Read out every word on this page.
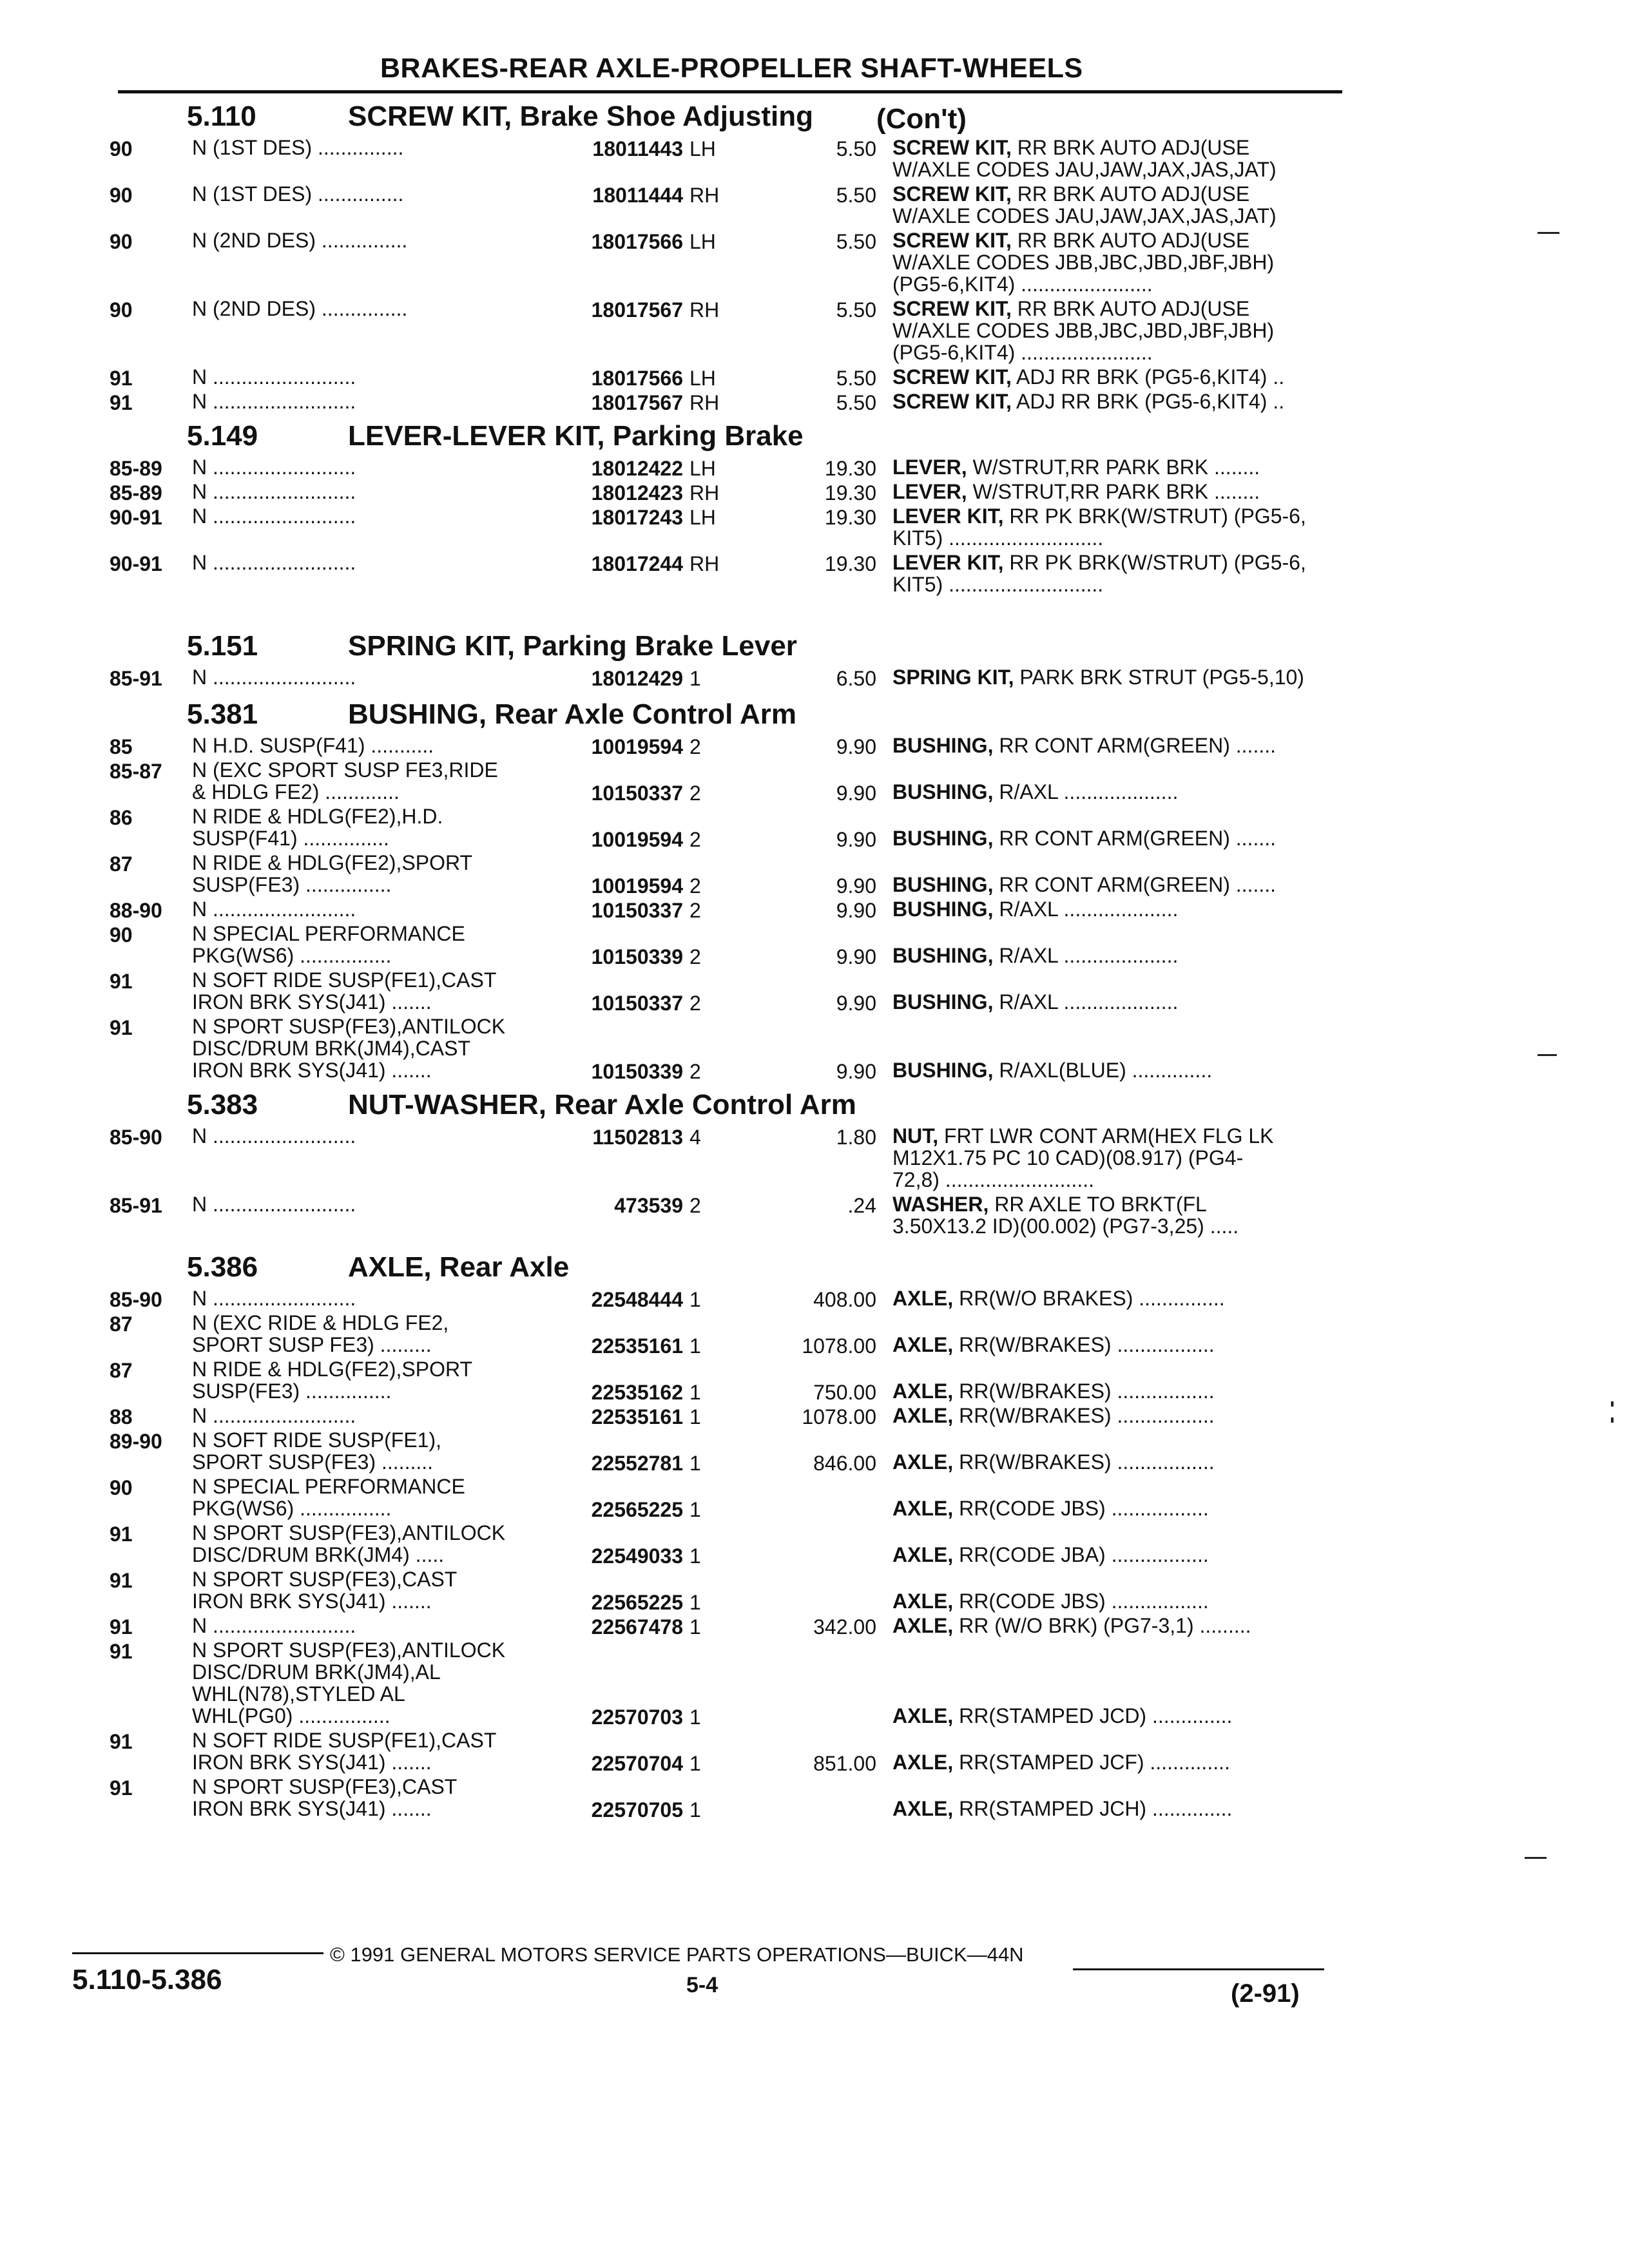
BRAKES-REAR AXLE-PROPELLER SHAFT-WHEELS
5.110	SCREW KIT, Brake Shoe Adjusting (Con't)
90	N (1ST DES) ...............	18011443 LH	5.50 SCREW KIT, RR BRK AUTO ADJ(USE
W/AXLE CODES JAU,JAW,JAX,JAS,JAT)
90	N (1ST DES) ...............	18011444 RH	5.50 SCREW KIT, RR BRK AUTO ADJ(USE
W/AXLE CODES JAU,JAW,JAX,JAS,JAT)
90	N (2ND DES) ...............	18017566 LH	5.50 SCREW KIT, RR BRK AUTO ADJ(USE
W/AXLE CODES JBB,JBC,JBD,JBF,JBH)
(PG5-6,KIT4) .......................
90	N (2ND DES) ...............	18017567 RH	5.50 SCREW KIT, RR BRK AUTO ADJ(USE
W/AXLE CODES JBB,JBC,JBD,JBF,JBH)
(PG5-6,KIT4) .......................
91	N .........................	18017566 LH	5.50 SCREW KIT, ADJ RR BRK (PG5-6,KIT4) ..
91	N .........................	18017567 RH	5.50 SCREW KIT, ADJ RR BRK (PG5-6,KIT4) ..
5.149	LEVER-LEVER KIT, Parking Brake
85-89	N .........................	18012422 LH	19.30 LEVER, W/STRUT,RR PARK BRK ........
85-89	N .........................	18012423 RH	19.30 LEVER, W/STRUT,RR PARK BRK ........
90-91	N .........................	18017243 LH	19.30 LEVER KIT, RR PK BRK(W/STRUT) (PG5-6,
KIT5) ...........................
90-91	N .........................	18017244 RH	19.30 LEVER KIT, RR PK BRK(W/STRUT) (PG5-6,
KIT5) ...........................
5.151	SPRING KIT, Parking Brake Lever
85-91	N .........................	18012429 1	6.50 SPRING KIT, PARK BRK STRUT (PG5-5,10)
5.381	BUSHING, Rear Axle Control Arm
85	N H.D. SUSP(F41) ...........	10019594 2	9.90 BUSHING, RR CONT ARM(GREEN) .......
85-87	N (EXC SPORT SUSP FE3,RIDE
& HDLG FE2) .............	10150337 2	9.90 BUSHING, R/AXL ....................
86	N RIDE & HDLG(FE2),H.D.
SUSP(F41) ...............	10019594 2	9.90 BUSHING, RR CONT ARM(GREEN) .......
87	N RIDE & HDLG(FE2),SPORT
SUSP(FE3) ...............	10019594 2	9.90 BUSHING, RR CONT ARM(GREEN) .......
88-90	N .........................	10150337 2	9.90 BUSHING, R/AXL ....................
90	N SPECIAL PERFORMANCE
PKG(WS6) ................	10150339 2	9.90 BUSHING, R/AXL ....................
91	N SOFT RIDE SUSP(FE1),CAST
IRON BRK SYS(J41) .......	10150337 2	9.90 BUSHING, R/AXL ....................
91	N SPORT SUSP(FE3),ANTILOCK
DISC/DRUM BRK(JM4),CAST
IRON BRK SYS(J41) .......	10150339 2	9.90 BUSHING, R/AXL(BLUE) ..............
5.383	NUT-WASHER, Rear Axle Control Arm
85-90	N .........................	11502813 4	1.80 NUT, FRT LWR CONT ARM(HEX FLG LK
M12X1.75 PC 10 CAD)(08.917) (PG4-
72,8) ..........................
85-91	N .........................	473539 2	.24 WASHER, RR AXLE TO BRKT(FL
3.50X13.2 ID)(00.002) (PG7-3,25) .....
5.386	AXLE, Rear Axle
85-90	N .........................	22548444 1	408.00 AXLE, RR(W/O BRAKES) ...............
87	N (EXC RIDE & HDLG FE2,
SPORT SUSP FE3) .........	22535161 1	1078.00 AXLE, RR(W/BRAKES) .................
87	N RIDE & HDLG(FE2),SPORT
SUSP(FE3) ...............	22535162 1	750.00 AXLE, RR(W/BRAKES) .................
88	N .........................	22535161 1	1078.00 AXLE, RR(W/BRAKES) .................
89-90	N SOFT RIDE SUSP(FE1),
SPORT SUSP(FE3) .........	22552781 1	846.00 AXLE, RR(W/BRAKES) .................
90	N SPECIAL PERFORMANCE
PKG(WS6) ................	22565225 1	AXLE, RR(CODE JBS) .................
91	N SPORT SUSP(FE3),ANTILOCK
DISC/DRUM BRK(JM4) .....	22549033 1	AXLE, RR(CODE JBA) .................
91	N SPORT SUSP(FE3),CAST
IRON BRK SYS(J41) .......	22565225 1	AXLE, RR(CODE JBS) .................
91	N .........................	22567478 1	342.00 AXLE, RR (W/O BRK) (PG7-3,1) .........
91	N SPORT SUSP(FE3),ANTILOCK
DISC/DRUM BRK(JM4),AL
WHL(N78),STYLED AL
WHL(PG0) ................	22570703 1	AXLE, RR(STAMPED JCD) ..............
91	N SOFT RIDE SUSP(FE1),CAST
IRON BRK SYS(J41) .......	22570704 1	851.00 AXLE, RR(STAMPED JCF) ..............
91	N SPORT SUSP(FE3),CAST
IRON BRK SYS(J41) .......	22570705 1	AXLE, RR(STAMPED JCH) ..............
5.110-5.386
© 1991 GENERAL MOTORS SERVICE PARTS OPERATIONS—BUICK—44N
5-4	(2-91)
